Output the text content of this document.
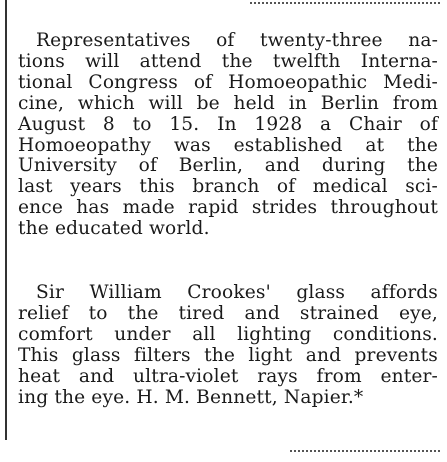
Representatives of twenty-three na-
tions will attend the twelfth Interna-
tional Congress of Homoeopathic Medi-
cine, which will be held in Berlin from
August 8 to 15. In 1928 a Chair of
Homoeopathy was established at the
University of Berlin, and during the
last years this branch of medical sci-
ence has made rapid strides throughout
the educated world.
Sir William Crookes' glass affords
relief to the tired and strained eye,
comfort under all lighting conditions.
This glass filters the light and prevents
heat and ultra-violet rays from enter-
ing the eye. H. M. Bennett, Napier.*
